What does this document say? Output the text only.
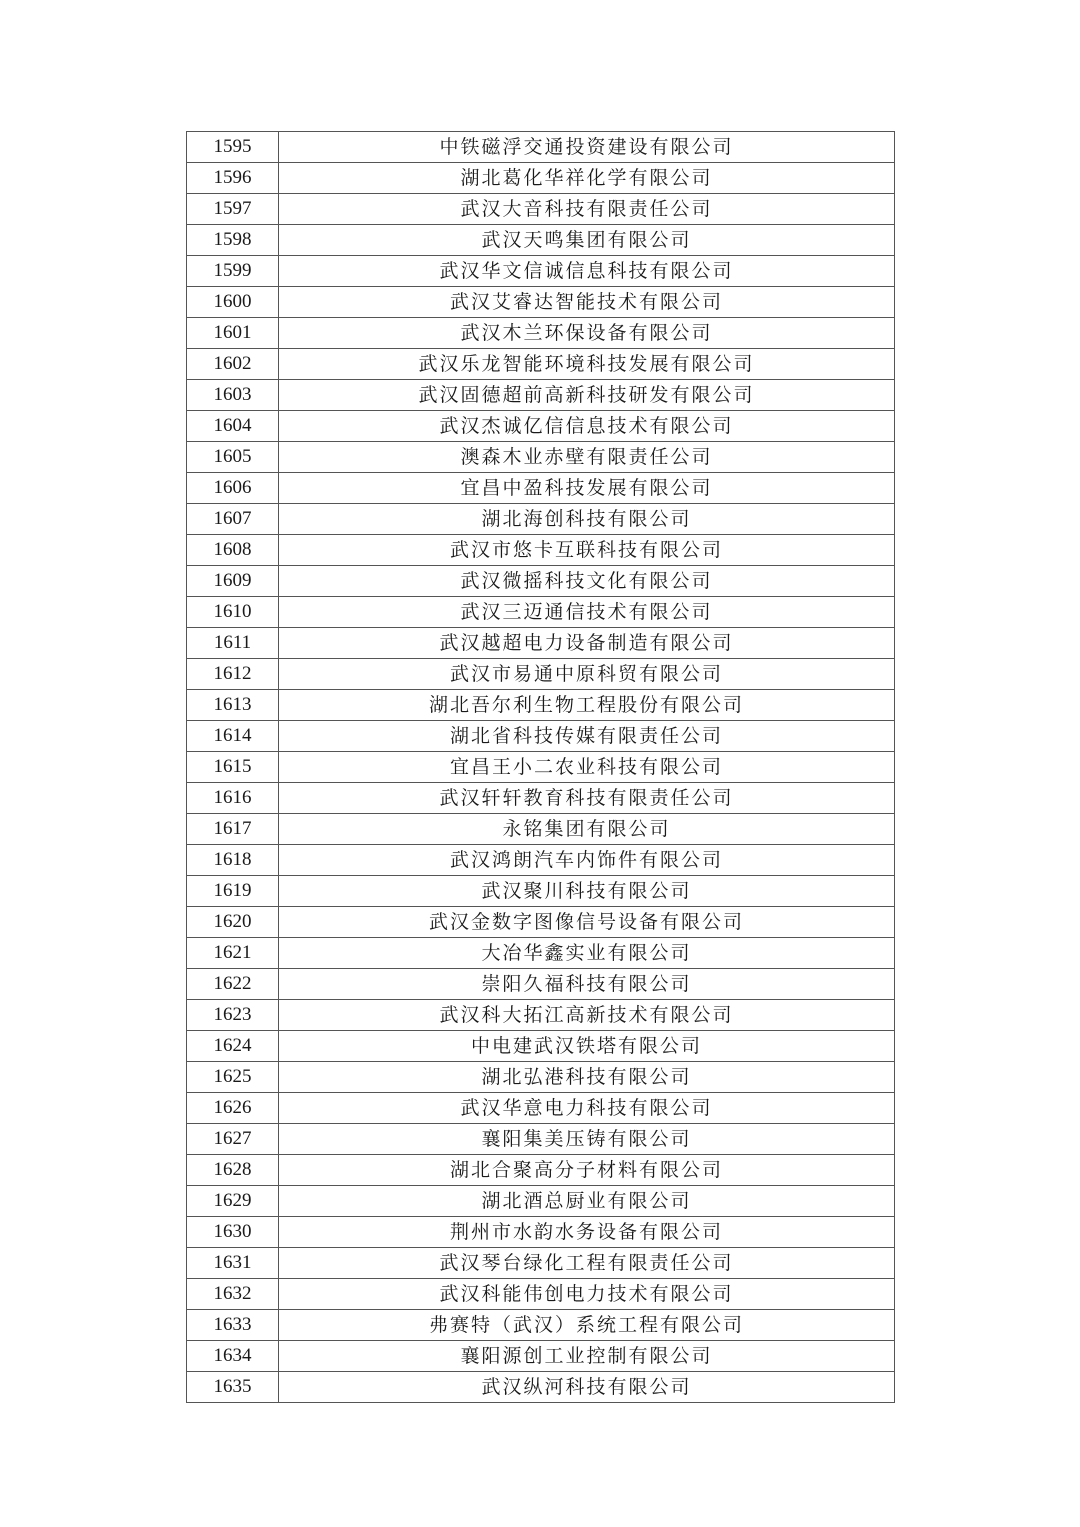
1595	中铁磁浮交通投资建设有限公司
1596	湖北葛化华祥化学有限公司
1597	武汉大音科技有限责任公司
1598	武汉天鸣集团有限公司
1599	武汉华文信诚信息科技有限公司
1600	武汉艾睿达智能技术有限公司
1601	武汉木兰环保设备有限公司
1602	武汉乐龙智能环境科技发展有限公司
1603	武汉固德超前高新科技研发有限公司
1604	武汉杰诚亿信信息技术有限公司
1605	澳森木业赤壁有限责任公司
1606	宜昌中盈科技发展有限公司
1607	湖北海创科技有限公司
1608	武汉市悠卡互联科技有限公司
1609	武汉微摇科技文化有限公司
1610	武汉三迈通信技术有限公司
1611	武汉越超电力设备制造有限公司
1612	武汉市易通中原科贸有限公司
1613	湖北吾尔利生物工程股份有限公司
1614	湖北省科技传媒有限责任公司
1615	宜昌王小二农业科技有限公司
1616	武汉轩轩教育科技有限责任公司
1617	永铭集团有限公司
1618	武汉鸿朗汽车内饰件有限公司
1619	武汉聚川科技有限公司
1620	武汉金数字图像信号设备有限公司
1621	大冶华鑫实业有限公司
1622	崇阳久福科技有限公司
1623	武汉科大拓江高新技术有限公司
1624	中电建武汉铁塔有限公司
1625	湖北弘港科技有限公司
1626	武汉华意电力科技有限公司
1627	襄阳集美压铸有限公司
1628	湖北合聚高分子材料有限公司
1629	湖北酒总厨业有限公司
1630	荆州市水韵水务设备有限公司
1631	武汉琴台绿化工程有限责任公司
1632	武汉科能伟创电力技术有限公司
1633	弗赛特（武汉）系统工程有限公司
1634	襄阳源创工业控制有限公司
1635	武汉纵河科技有限公司
